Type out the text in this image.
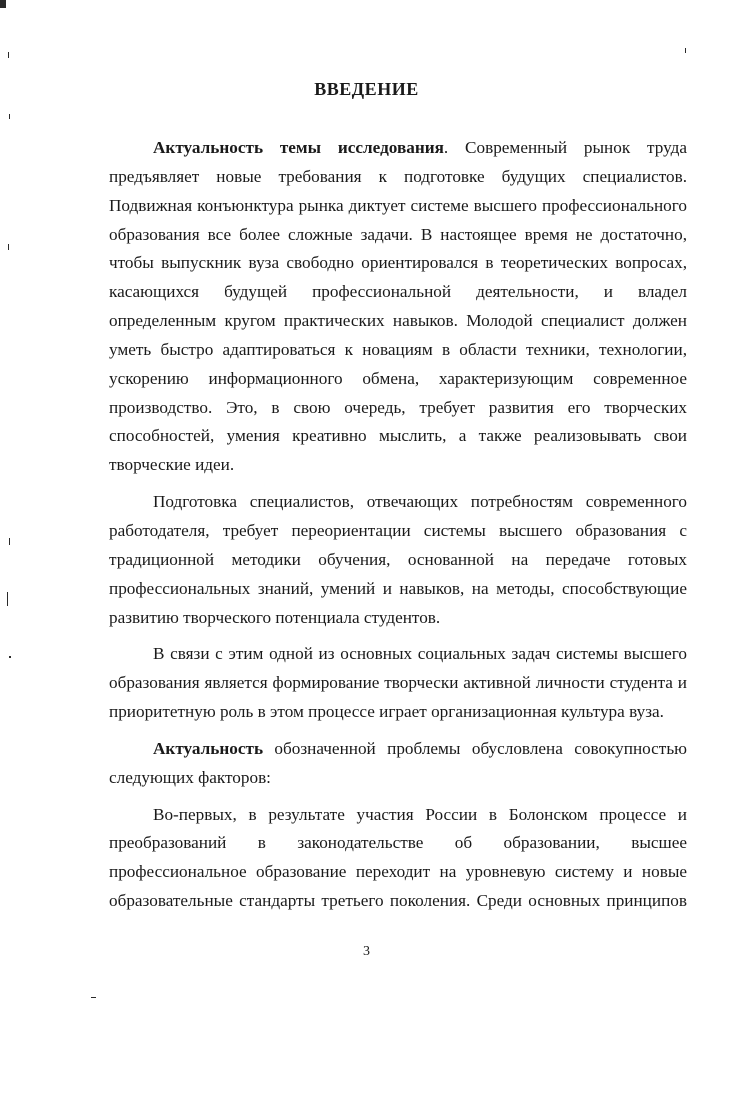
ВВЕДЕНИЕ

Актуальность темы исследования. Современный рынок труда предъявляет новые требования к подготовке будущих специалистов. Подвижная конъюнктура рынка диктует системе высшего профессионального образования все более сложные задачи. В настоящее время не достаточно, чтобы выпускник вуза свободно ориентировался в теоретических вопросах, касающихся будущей профессиональной деятельности, и владел определенным кругом практических навыков. Молодой специалист должен уметь быстро адаптироваться к новациям в области техники, технологии, ускорению информационного обмена, характеризующим современное производство. Это, в свою очередь, требует развития его творческих способностей, умения креативно мыслить, а также реализовывать свои творческие идеи.

Подготовка специалистов, отвечающих потребностям современного работодателя, требует переориентации системы высшего образования с традиционной методики обучения, основанной на передаче готовых профессиональных знаний, умений и навыков, на методы, способствующие развитию творческого потенциала студентов.

В связи с этим одной из основных социальных задач системы высшего образования является формирование творчески активной личности студента и приоритетную роль в этом процессе играет организационная культура вуза.

Актуальность обозначенной проблемы обусловлена совокупностью следующих факторов:

Во-первых, в результате участия России в Болонском процессе и преобразований в законодательстве об образовании, высшее профессиональное образование переходит на уровневую систему и новые образовательные стандарты третьего поколения. Среди основных принципов

3
